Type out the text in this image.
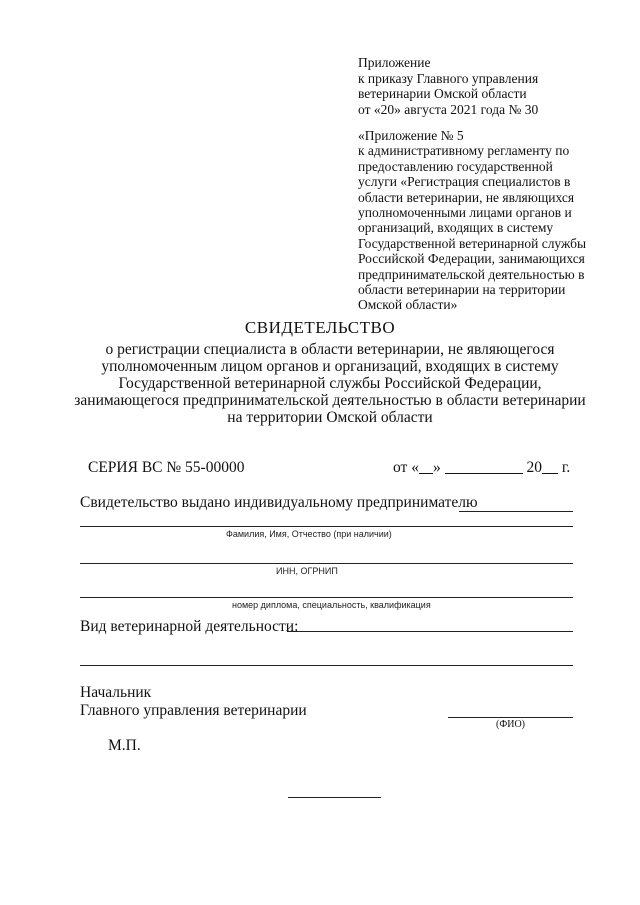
Приложение
к приказу Главного управления
ветеринарии Омской области
от «20» августа 2021 года № 30
«Приложение № 5
к административному регламенту по
предоставлению государственной
услуги «Регистрация специалистов в
области ветеринарии, не являющихся
уполномоченными лицами органов и
организаций, входящих в систему
Государственной ветеринарной службы
Российской Федерации, занимающихся
предпринимательской деятельностью в
области ветеринарии на территории
Омской области»
СВИДЕТЕЛЬСТВО
о регистрации специалиста в области ветеринарии, не являющегося
уполномоченным лицом органов и организаций, входящих в систему
Государственной ветеринарной службы Российской Федерации,
занимающегося предпринимательской деятельностью в области ветеринарии
на территории Омской области
СЕРИЯ ВС № 55-00000	от « »	20 г.
Свидетельство выдано индивидуальному предпринимателю
Фамилия, Имя, Отчество (при наличии)
ИНН, ОГРНИП
номер диплома, специальность, квалификация
Вид ветеринарной деятельности:
Начальник
Главного управления ветеринарии
(ФИО)
М.П.
